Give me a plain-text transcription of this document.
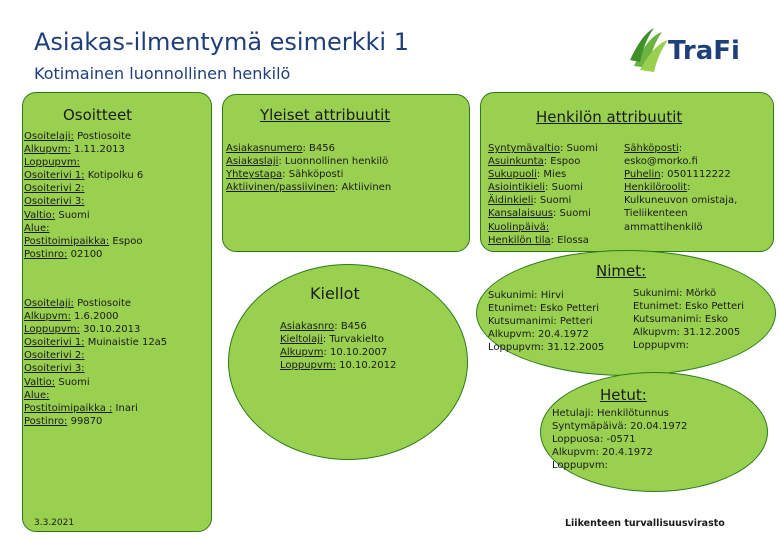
Asiakas-ilmentymä esimerkki 1
Kotimainen luonnollinen henkilö
TraFi
Osoitteet
Osoitelaji: Postiosoite
Alkupvm: 1.11.2013
Loppupvm:
Osoiterivi 1: Kotipolku 6
Osoiterivi 2:
Osoiterivi 3:
Valtio: Suomi
Alue:
Postitoimipaikka: Espoo
Postinro: 02100
Osoitelaji: Postiosoite
Alkupvm: 1.6.2000
Loppupvm: 30.10.2013
Osoiterivi 1: Muinaistie 12a5
Osoiterivi 2:
Osoiterivi 3:
Valtio: Suomi
Alue:
Postitoimipaikka : Inari
Postinro: 99870
Yleiset attribuutit
Asiakasnumero: B456
Asiakaslaji: Luonnollinen henkilö
Yhteystapa: Sähköposti
Aktiivinen/passiivinen: Aktiivinen
Kiellot
Asiakasnro: B456
Kieltolaji: Turvakielto
Alkupvm: 10.10.2007
Loppupvm: 10.10.2012
Henkilön attribuutit
Syntymävaltio: Suomi
Asuinkunta: Espoo
Sukupuoli: Mies
Asiointikieli: Suomi
Äidinkieli: Suomi
Kansalaisuus: Suomi
Kuolinpäivä:
Henkilön tila: Elossa
Sähköposti:
esko@morko.fi
Puhelin: 0501112222
Henkilöroolit:
Kulkuneuvon omistaja,
Tieliikenteen
ammattihenkilö
Nimet:
Sukunimi: Hirvi
Etunimet: Esko Petteri
Kutsumanimi: Petteri
Alkupvm: 20.4.1972
Loppupvm: 31.12.2005
Sukunimi: Mörkö
Etunimet: Esko Petteri
Kutsumanimi: Esko
Alkupvm: 31.12.2005
Loppupvm:
Hetut:
Hetulaji: Henkilötunnus
Syntymäpäivä: 20.04.1972
Loppuosa: -0571
Alkupvm: 20.4.1972
Loppupvm:
3.3.2021	Liikenteen turvallisuusvirasto
